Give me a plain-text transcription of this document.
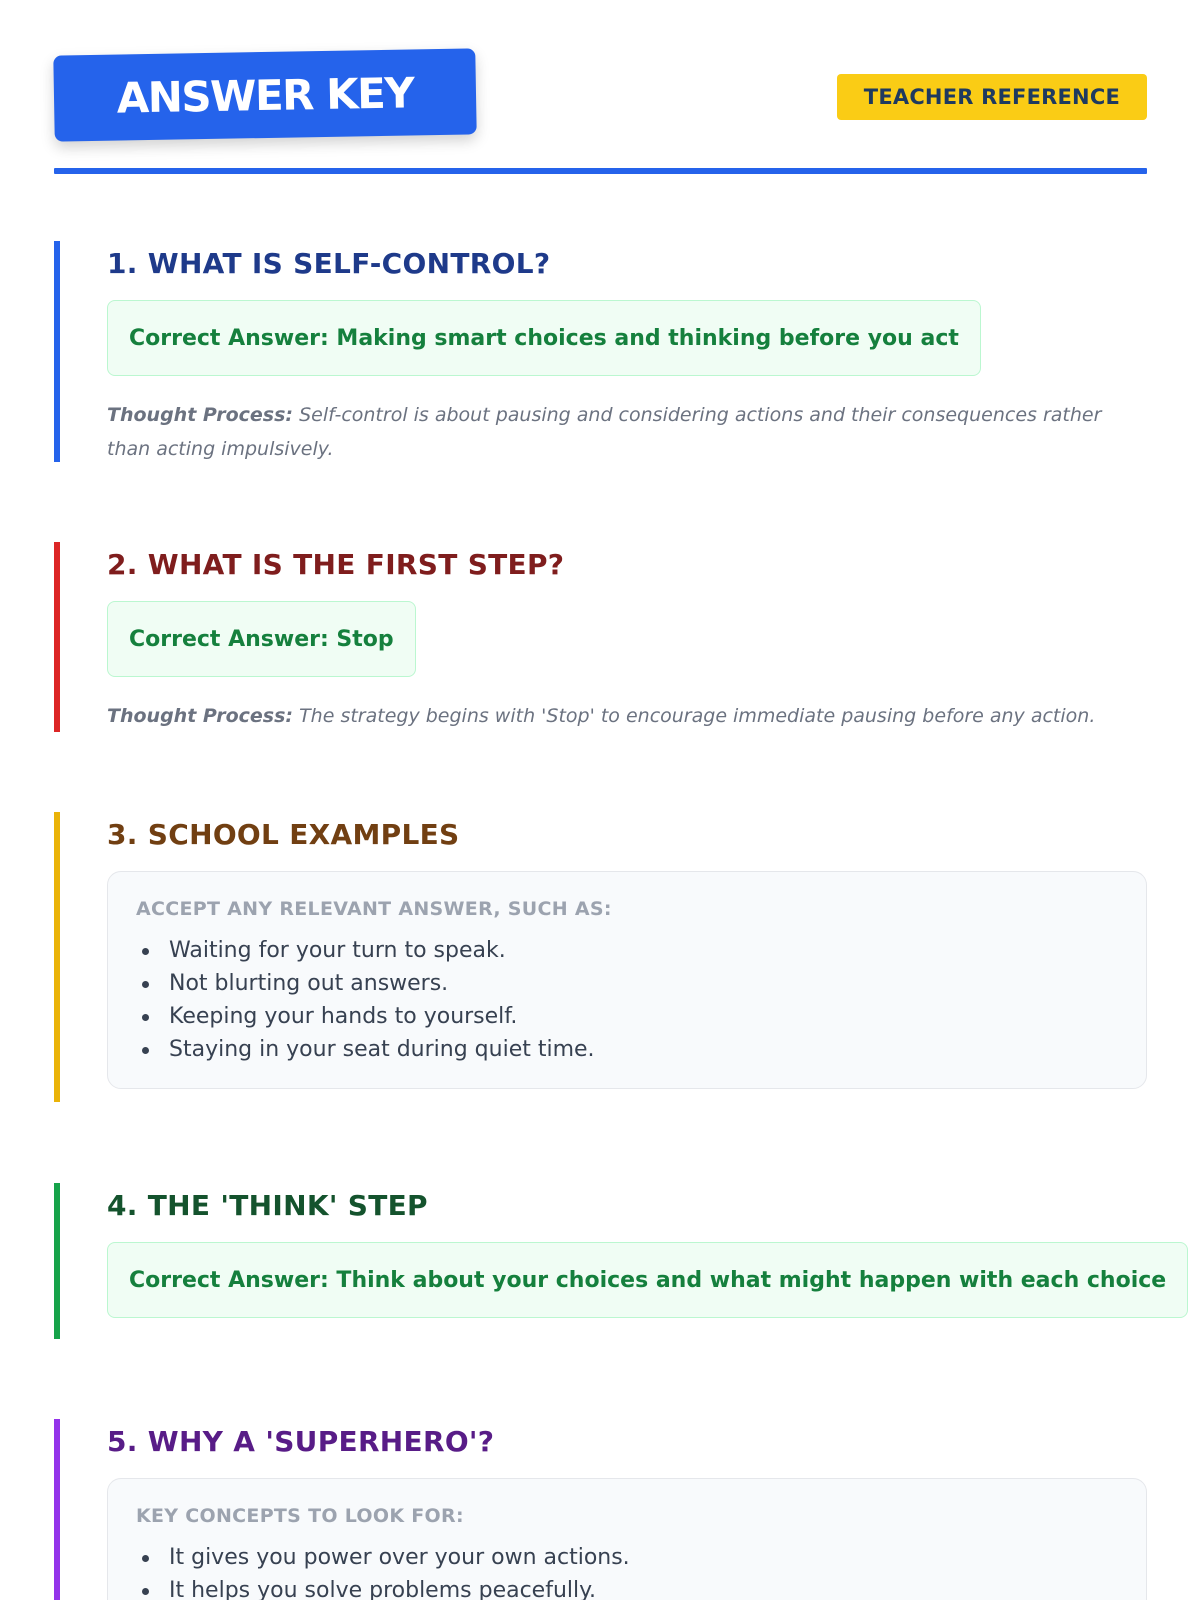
ANSWER KEY	TEACHER REFERENCE
1. WHAT IS SELF-CONTROL?
Correct Answer: Making smart choices and thinking before you act

Thought Process: Self-control is about pausing and considering actions and their consequences rather than acting impulsively.

2. WHAT IS THE FIRST STEP?
Correct Answer: Stop

Thought Process: The strategy begins with 'Stop' to encourage immediate pausing before any action.

3. SCHOOL EXAMPLES
ACCEPT ANY RELEVANT ANSWER, SUCH AS:
Waiting for your turn to speak.
Not blurting out answers.
Keeping your hands to yourself.
Staying in your seat during quiet time.
4. THE 'THINK' STEP
Correct Answer: Think about your choices and what might happen with each choice
5. WHY A 'SUPERHERO'?
KEY CONCEPTS TO LOOK FOR:
It gives you power over your own actions.
It helps you solve problems peacefully.
